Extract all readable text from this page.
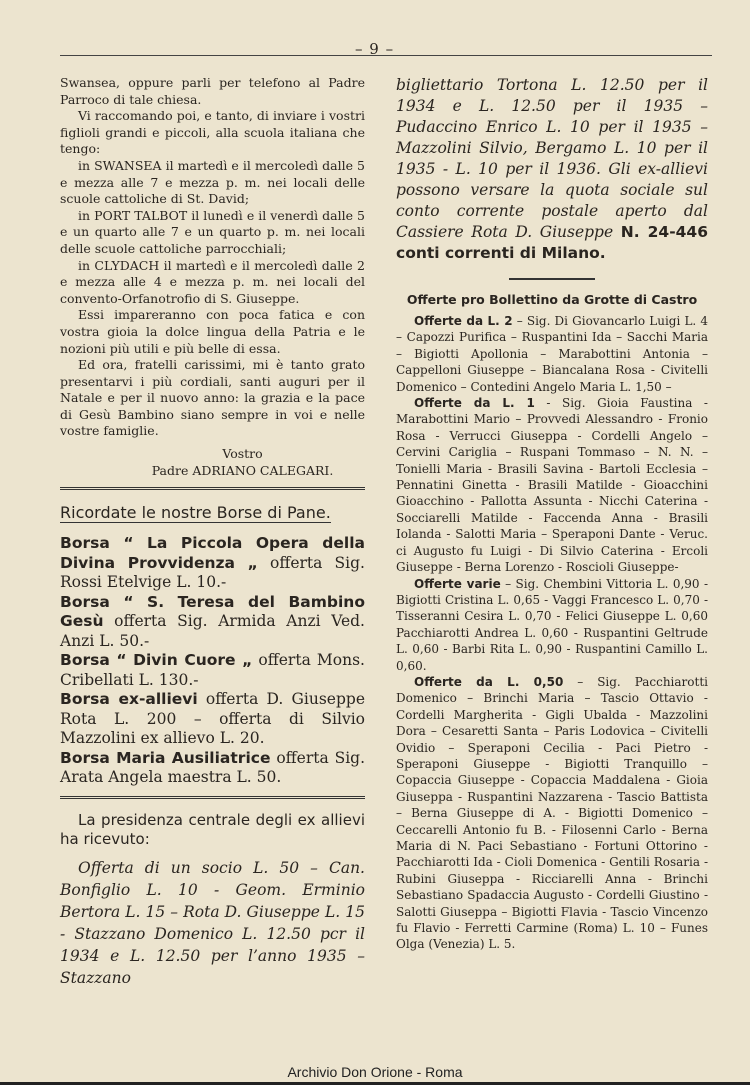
– 9 –

Swansea, oppure parli per telefono al Padre Parroco di tale chiesa.

Vi raccomando poi, e tanto, di inviare i vostri figlioli grandi e piccoli, alla scuola italiana che tengo:

in SWANSEA il martedì e il mercoledì dalle 5 e mezza alle 7 e mezza p. m. nei locali delle scuole cattoliche di St. David;

in PORT TALBOT il lunedì e il venerdì dalle 5 e un quarto alle 7 e un quarto p. m. nei locali delle scuole cattoliche parrocchiali;

in CLYDACH il martedì e il mercoledì dalle 2 e mezza alle 4 e mezza p. m. nei locali del convento-Orfanotrofio di S. Giuseppe.

Essi impareranno con poca fatica e con vostra gioia la dolce lingua della Patria e le nozioni più utili e più belle di essa.

Ed ora, fratelli carissimi, mi è tanto grato presentarvi i più cordiali, santi auguri per il Natale e per il nuovo anno: la grazia e la pace di Gesù Bambino siano sempre in voi e nelle vostre famiglie.

Vostro
Padre ADRIANO CALEGARI.

Ricordate le nostre Borse di Pane.

Borsa “ La Piccola Opera della Divina Provvidenza „ offerta Sig. Rossi Etelvige L. 10.-

Borsa “ S. Teresa del Bambino Gesù offerta Sig. Armida Anzi Ved. Anzi L. 50.-

Borsa “ Divin Cuore „ offerta Mons. Cribellati L. 130.-

Borsa ex-allievi offerta D. Giuseppe Rota L. 200 – offerta di Silvio Mazzolini ex allievo L. 20.

Borsa Maria Ausiliatrice offerta Sig. Arata Angela maestra L. 50.

La presidenza centrale degli ex allievi ha ricevuto:

Offerta di un socio L. 50 – Can. Bonfiglio L. 10 - Geom. Erminio Bertora L. 15 – Rota D. Giuseppe L. 15 - Stazzano Domenico L. 12.50 pcr il 1934 e L. 12.50 per l’anno 1935 – Stazzano

bigliettario Tortona L. 12.50 per il 1934 e L. 12.50 per il 1935 – Pudaccino Enrico L. 10 per il 1935 – Mazzolini Silvio, Bergamo L. 10 per il 1935 - L. 10 per il 1936. Gli ex-allievi possono versare la quota sociale sul conto corrente postale aperto dal Cassiere Rota D. Giuseppe N. 24-446 conti correnti di Milano.

Offerte pro Bollettino da Grotte di Castro

Offerte da L. 2 – Sig. Di Giovancarlo Luigi L. 4 – Capozzi Purifica – Ruspantini Ida – Sacchi Maria – Bigiotti Apollonia – Marabottini Antonia – Cappelloni Giuseppe – Biancalana Rosa - Civitelli Domenico – Contedini Angelo Maria L. 1,50 –

Offerte da L. 1 - Sig. Gioia Faustina - Marabottini Mario – Provvedi Alessandro - Fronio Rosa - Verrucci Giuseppa - Cordelli Angelo – Cervini Cariglia – Ruspani Tommaso – N. N. – Tonielli Maria - Brasili Savina - Bartoli Ecclesia – Pennatini Ginetta - Brasili Matilde - Gioacchini Gioacchino - Pallotta Assunta - Nicchi Caterina - Socciarelli Matilde - Faccenda Anna - Brasili Iolanda - Salotti Maria – Speraponi Dante - Veruc. ci Augusto fu Luigi - Di Silvio Caterina - Ercoli Giuseppe - Berna Lorenzo - Roscioli Giuseppe-

Offerte varie – Sig. Chembini Vittoria L. 0,90 - Bigiotti Cristina L. 0,65 - Vaggi Francesco L. 0,70 - Tisseranni Cesira L. 0,70 - Felici Giuseppe L. 0,60 Pacchiarotti Andrea L. 0,60 - Ruspantini Geltrude L. 0,60 - Barbi Rita L. 0,90 - Ruspantini Camillo L. 0,60.

Offerte da L. 0,50 – Sig. Pacchiarotti Domenico – Brinchi Maria – Tascio Ottavio - Cordelli Margherita - Gigli Ubalda - Mazzolini Dora – Cesaretti Santa – Paris Lodovica – Civitelli Ovidio – Speraponi Cecilia - Paci Pietro - Speraponi Giuseppe - Bigiotti Tranquillo – Copaccia Giuseppe - Copaccia Maddalena - Gioia Giuseppa - Ruspantini Nazzarena - Tascio Battista – Berna Giuseppe di A. - Bigiotti Domenico – Ceccarelli Antonio fu B. - Filosenni Carlo - Berna Maria di N. Paci Sebastiano - Fortuni Ottorino - Pacchiarotti Ida - Cioli Domenica - Gentili Rosaria - Rubini Giuseppa - Ricciarelli Anna - Brinchi Sebastiano Spadaccia Augusto - Cordelli Giustino - Salotti Giuseppa – Bigiotti Flavia - Tascio Vincenzo fu Flavio - Ferretti Carmine (Roma) L. 10 – Funes Olga (Venezia) L. 5.

Archivio Don Orione - Roma
